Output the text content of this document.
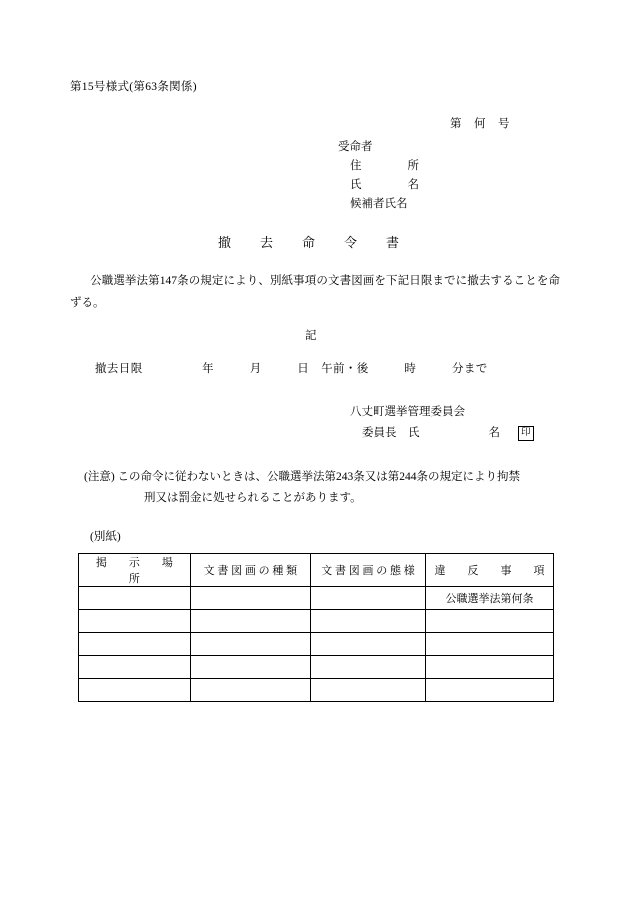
第15号様式(第63条関係)
第　何　号
受命者
住　　　　所
氏　　　　名
候補者氏名
撤　　去　　命　　令　　書
公職選挙法第147条の規定により、別紙事項の文書図画を下記日限までに撤去することを命ずる。
記
撤去日限　　　　　年　　　月　　　日　午前・後　　　時　　　分まで
八丈町選挙管理委員会
委員長　氏　　　　　　名 印
(注意) この命令に従わないときは、公職選挙法第243条又は第244条の規定により拘禁
刑又は罰金に処せられることがあります。
(別紙)
掲　　示　　場　　所	文 書 図 画 の 種 類	文 書 図 画 の 態 様	違　　反　　事　　項
			公職選挙法第何条
